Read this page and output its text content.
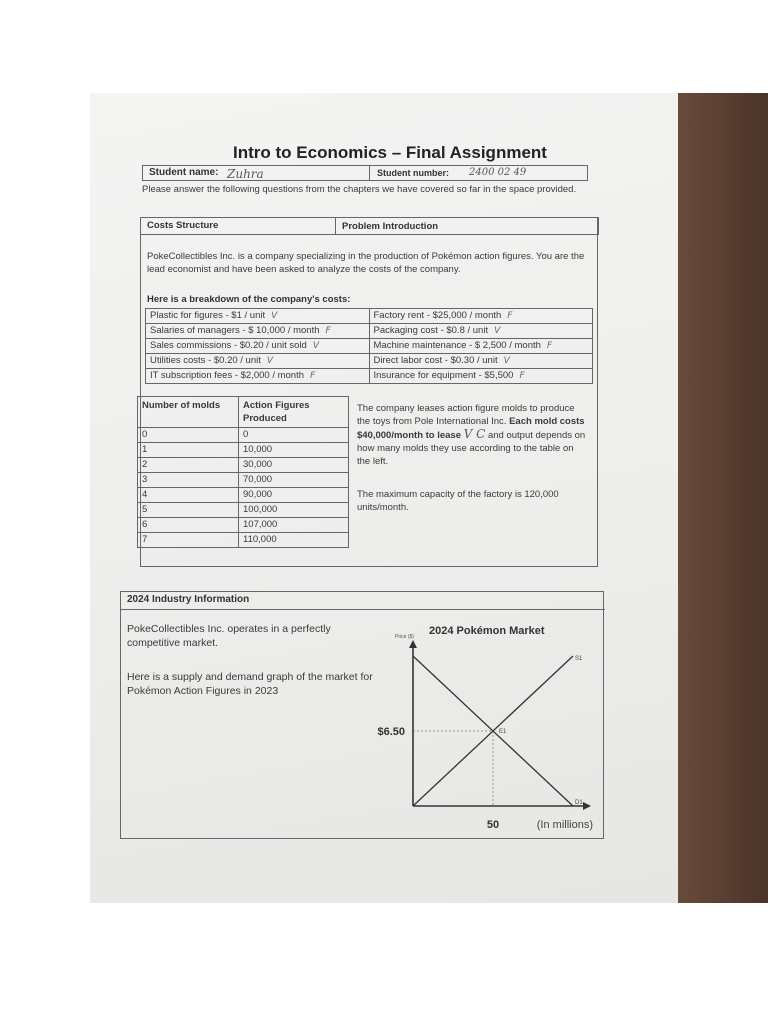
Intro to Economics – Final Assignment
Student name: Zuhra	Student number: 2400 02 49
Please answer the following questions from the chapters we have covered so far in the space provided.
Costs Structure	Problem Introduction
PokeCollectibles Inc. is a company specializing in the production of Pokémon action figures. You are the lead economist and have been asked to analyze the costs of the company.
Here is a breakdown of the company's costs:
Plastic for figures - $1 / unit V	Factory rent - $25,000 / month F
Salaries of managers - $ 10,000 / month F	Packaging cost - $0.8 / unit V
Sales commissions - $0.20 / unit sold V	Machine maintenance - $ 2,500 / month F
Utilities costs - $0.20 / unit V	Direct labor cost - $0.30 / unit V
IT subscription fees - $2,000 / month F	Insurance for equipment - $5,500 F
Number of molds	Action Figures Produced
0	0
1	10,000
2	30,000
3	70,000
4	90,000
5	100,000
6	107,000
7	110,000
The company leases action figure molds to produce the toys from Pole International Inc. Each mold costs $40,000/month to lease V C and output depends on how many molds they use according to the table on the left.
The maximum capacity of the factory is 120,000 units/month.
2024 Industry Information
PokeCollectibles Inc. operates in a perfectly competitive market.
Here is a supply and demand graph of the market for Pokémon Action Figures in 2023
2024 Pokémon Market
Price ($)
S1
D1
E1
$6.50
50	(In millions)
